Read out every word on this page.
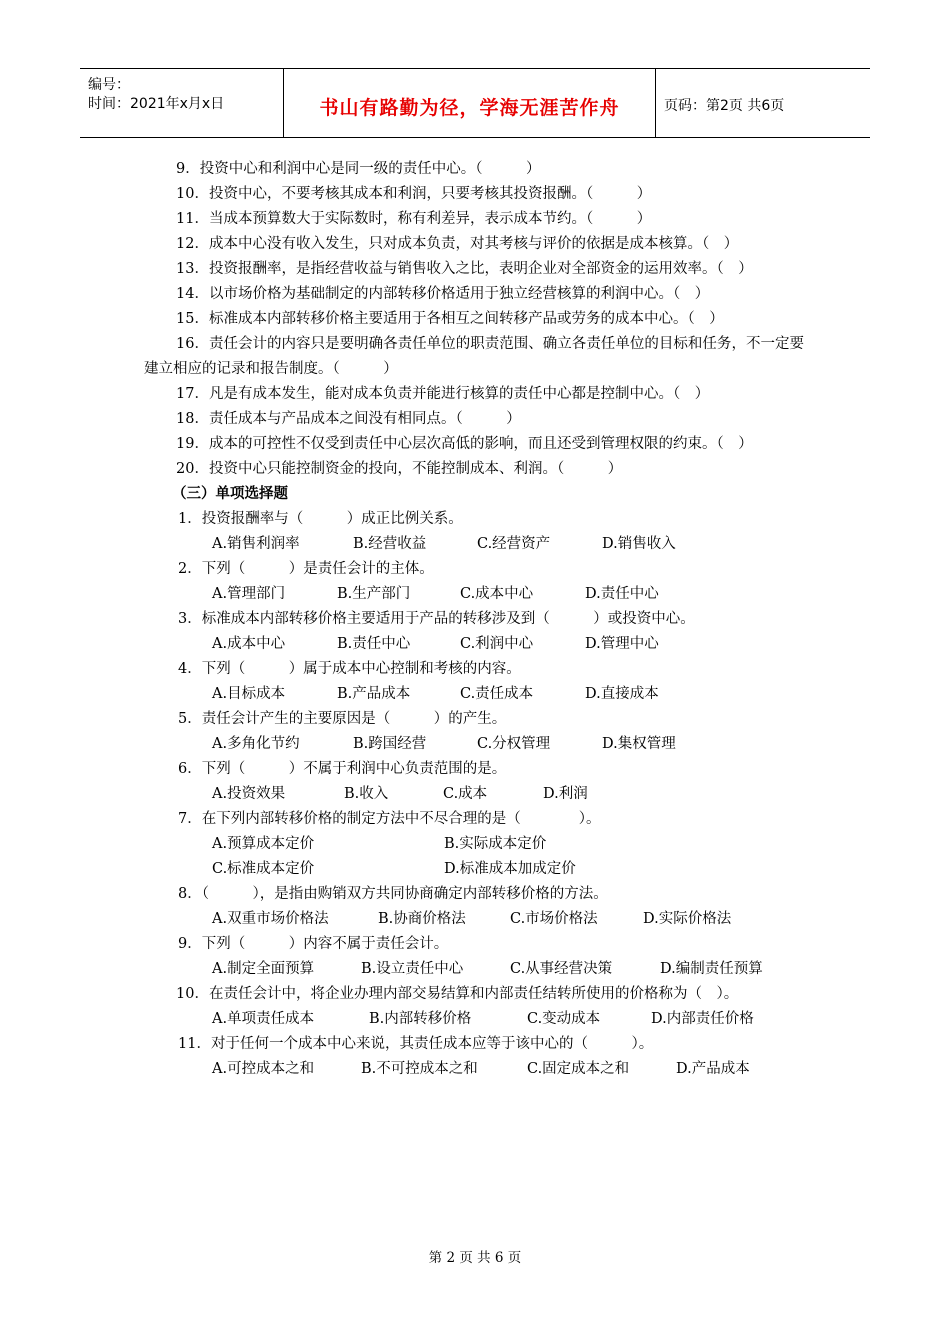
编号：
时间：2021年x月x日	书山有路勤为径，学海无涯苦作舟	页码：第2页 共6页
9．投资中心和利润中心是同一级的责任中心。（　　　）
10．投资中心，不要考核其成本和利润，只要考核其投资报酬。（　　　）
11．当成本预算数大于实际数时，称有利差异，表示成本节约。（　　　）
12．成本中心没有收入发生，只对成本负责，对其考核与评价的依据是成本核算。（　）
13．投资报酬率，是指经营收益与销售收入之比，表明企业对全部资金的运用效率。（　）
14．以市场价格为基础制定的内部转移价格适用于独立经营核算的利润中心。（　）
15．标准成本内部转移价格主要适用于各相互之间转移产品或劳务的成本中心。（　）
16．责任会计的内容只是要明确各责任单位的职责范围、确立各责任单位的目标和任务，不一定要建立相应的记录和报告制度。（　　　）
17．凡是有成本发生，能对成本负责并能进行核算的责任中心都是控制中心。（　）
18．责任成本与产品成本之间没有相同点。（　　　）
19．成本的可控性不仅受到责任中心层次高低的影响，而且还受到管理权限的约束。（　）
20．投资中心只能控制资金的投向，不能控制成本、利润。（　　　）
（三）单项选择题
1．投资报酬率与（　　　）成正比例关系。
A.销售利润率	B.经营收益	C.经营资产	D.销售收入
2．下列（　　　）是责任会计的主体。
A.管理部门	B.生产部门	C.成本中心	D.责任中心
3．标准成本内部转移价格主要适用于产品的转移涉及到（　　　）或投资中心。
A.成本中心	B.责任中心	C.利润中心	D.管理中心
4．下列（　　　）属于成本中心控制和考核的内容。
A.目标成本	B.产品成本	C.责任成本	D.直接成本
5．责任会计产生的主要原因是（　　　）的产生。
A.多角化节约	B.跨国经营	C.分权管理	D.集权管理
6．下列（　　　）不属于利润中心负责范围的是。
A.投资效果	B.收入	C.成本	D.利润
7．在下列内部转移价格的制定方法中不尽合理的是（　　　　）。
A.预算成本定价	B.实际成本定价
C.标准成本定价	D.标准成本加成定价
8．（　　　），是指由购销双方共同协商确定内部转移价格的方法。
A.双重市场价格法	B.协商价格法	C.市场价格法	D.实际价格法
9．下列（　　　）内容不属于责任会计。
A.制定全面预算	B.设立责任中心	C.从事经营决策	D.编制责任预算
10．在责任会计中，将企业办理内部交易结算和内部责任结转所使用的价格称为（　）。
A.单项责任成本	B.内部转移价格	C.变动成本	D.内部责任价格
11．对于任何一个成本中心来说，其责任成本应等于该中心的（　　　）。
A.可控成本之和	B.不可控成本之和	C.固定成本之和	D.产品成本
第 2 页 共 6 页
